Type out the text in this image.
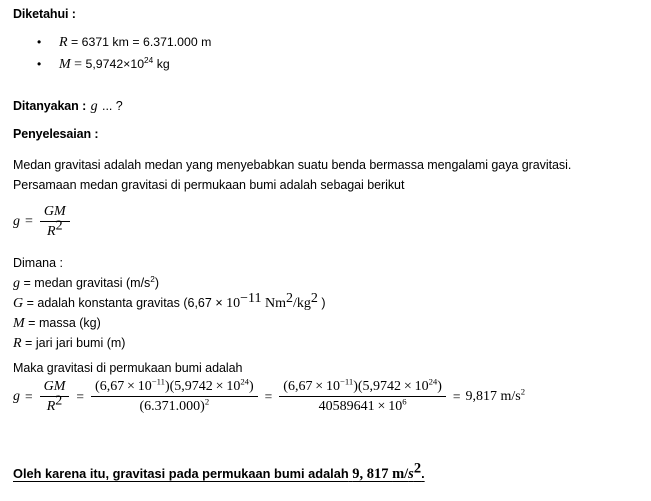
Diketahui :
• R = 6371 km = 6.371.000 m
• $M = 5,9742\times 10^{24}$ kg
Ditanyakan : g ... ?
Penyelesaian :
Medan gravitasi adalah medan yang menyebabkan suatu benda bermassa mengalami gaya gravitasi.
Persamaan medan gravitasi di permukaan bumi adalah sebagai berikut
$g = \frac{GM}{R^2}$
Dimana :
g = medan gravitasi $(m/s^2)$
G = adalah konstanta gravitas ($6,67 \times 10^{-11}$ $Nm^2/kg^2$ )
M = massa (kg)
R = jari jari bumi (m)
Maka gravitasi di permukaan bumi adalah
$g = \frac{GM}{R^2} = \frac{(6,67 \times 10^{-11})(5,9742 \times 10^{24})}{(6.371.000)^2} = \frac{(6,67 \times 10^{-11})(5,9742 \times 10^{24})}{40589641 \times 10^6} = 9,817$ $m/s^2$
Oleh karena itu, gravitasi pada permukaan bumi adalah 9, 817 $m/s^2$.
